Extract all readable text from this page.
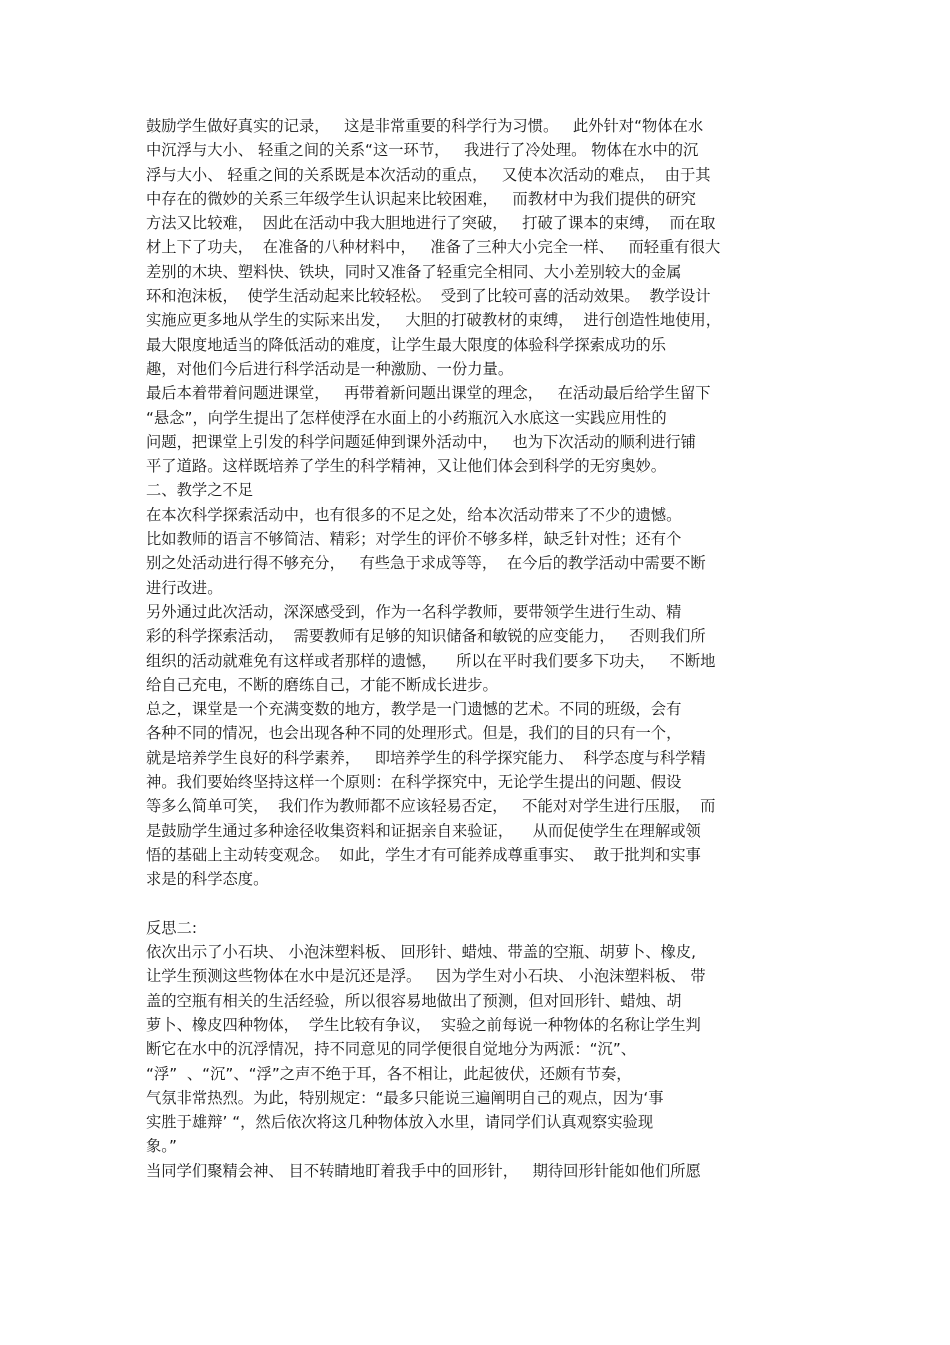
鼓励学生做好真实的记录，   这是非常重要的科学行为习惯。   此外针对“物体在水
中沉浮与大小、 轻重之间的关系“这一环节，   我进行了冷处理。 物体在水中的沉
浮与大小、 轻重之间的关系既是本次活动的重点，   又使本次活动的难点，  由于其
中存在的微妙的关系三年级学生认识起来比较困难，   而教材中为我们提供的研究
方法又比较难，  因此在活动中我大胆地进行了突破，   打破了课本的束缚，  而在取
材上下了功夫，  在准备的八种材料中，   准备了三种大小完全一样、   而轻重有很大
差别的木块、塑料快、铁块，同时又准备了轻重完全相同、大小差别较大的金属
环和泡沫板，  使学生活动起来比较轻松。  受到了比较可喜的活动效果。  教学设计
实施应更多地从学生的实际来出发，   大胆的打破教材的束缚，  进行创造性地使用，
最大限度地适当的降低活动的难度，让学生最大限度的体验科学探索成功的乐
趣，对他们今后进行科学活动是一种激励、一份力量。
最后本着带着问题进课堂，   再带着新问题出课堂的理念，   在活动最后给学生留下
“悬念”，向学生提出了怎样使浮在水面上的小药瓶沉入水底这一实践应用性的
问题，把课堂上引发的科学问题延伸到课外活动中，   也为下次活动的顺利进行铺
平了道路。这样既培养了学生的科学精神，又让他们体会到科学的无穷奥妙。
二、教学之不足
在本次科学探索活动中，也有很多的不足之处，给本次活动带来了不少的遗憾。
比如教师的语言不够简洁、精彩；对学生的评价不够多样，缺乏针对性；还有个
别之处活动进行得不够充分，   有些急于求成等等，  在今后的教学活动中需要不断
进行改进。
另外通过此次活动，深深感受到，作为一名科学教师，要带领学生进行生动、精
彩的科学探索活动，  需要教师有足够的知识储备和敏锐的应变能力，   否则我们所
组织的活动就难免有这样或者那样的遗憾，    所以在平时我们要多下功夫，   不断地
给自己充电，不断的磨练自己，才能不断成长进步。
总之，课堂是一个充满变数的地方，教学是一门遗憾的艺术。不同的班级，会有
各种不同的情况，也会出现各种不同的处理形式。但是，我们的目的只有一个，
就是培养学生良好的科学素养，   即培养学生的科学探究能力、  科学态度与科学精
神。我们要始终坚持这样一个原则：在科学探究中，无论学生提出的问题、假设
等多么简单可笑，  我们作为教师都不应该轻易否定，   不能对对学生进行压服，  而
是鼓励学生通过多种途径收集资料和证据亲自来验证，    从而促使学生在理解或领
悟的基础上主动转变观念。  如此，学生才有可能养成尊重事实、  敢于批判和实事
求是的科学态度。
反思二:
依次出示了小石块、 小泡沫塑料板、 回形针、蜡烛、带盖的空瓶、胡萝卜、橡皮,
让学生预测这些物体在水中是沉还是浮。   因为学生对小石块、 小泡沫塑料板、 带
盖的空瓶有相关的生活经验，所以很容易地做出了预测，但对回形针、蜡烛、胡
萝卜、橡皮四种物体，  学生比较有争议，  实验之前每说一种物体的名称让学生判
断它在水中的沉浮情况，持不同意见的同学便很自觉地分为两派：“沉”、
“浮”  、“沉”、“浮”之声不绝于耳，各不相让，此起彼伏，还颇有节奏，
气氛非常热烈。为此，特别规定：“最多只能说三遍阐明自己的观点，因为‘事
实胜于雄辩’ “，然后依次将这几种物体放入水里，请同学们认真观察实验现
象。”
当同学们聚精会神、 目不转睛地盯着我手中的回形针，   期待回形针能如他们所愿
